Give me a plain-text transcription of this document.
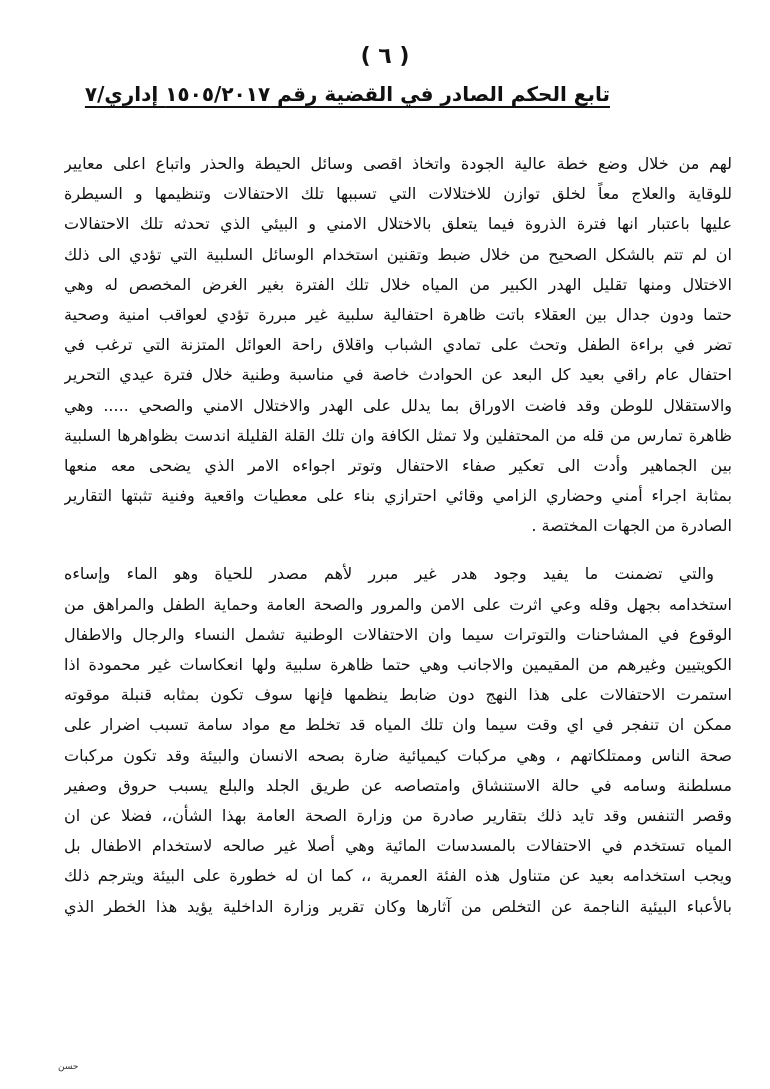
( ٦ )
تابع الحكم الصادر في القضية رقم ١٥٠٥/٢٠١٧ إداري/٧
لهم من خلال وضع خطة عالية الجودة واتخاذ اقصى وسائل الحيطة والحذر واتباع اعلى معايير
للوقاية والعلاج معاً لخلق توازن للاختلالات التي تسببها تلك الاحتفالات وتنظيمها و السيطرة
عليها باعتبار انها فترة الذروة فيما يتعلق بالاختلال الامني و البيئي الذي تحدثه تلك الاحتفالات
ان لم تتم بالشكل الصحيح من خلال ضبط وتقنين استخدام الوسائل السلبية التي تؤدي الى ذلك
الاختلال ومنها تقليل الهدر الكبير من المياه خلال تلك الفترة بغير الغرض المخصص له وهي
حتما ودون جدال بين العقلاء باتت ظاهرة احتفالية سلبية غير مبررة تؤدي لعواقب امنية وصحية
تضر في براءة الطفل وتحث على تمادي الشباب واقلاق راحة العوائل المتزنة التي ترغب في
احتفال عام راقي بعيد كل البعد عن الحوادث خاصة في مناسبة وطنية خلال فترة عيدي التحرير
والاستقلال للوطن وقد فاضت الاوراق بما يدلل على الهدر والاختلال الامني والصحي ..... وهي
ظاهرة تمارس من قله من المحتفلين ولا تمثل الكافة وان تلك القلة القليلة اندست بظواهرها السلبية
بين الجماهير وأدت الى تعكير صفاء الاحتفال وتوتر اجواءه الامر الذي يضحى معه منعها
بمثابة اجراء أمني وحضاري الزامي وقائي احترازي بناء على معطيات واقعية وفنية تثبتها التقارير
الصادرة من الجهات المختصة .
والتي تضمنت ما يفيد وجود هدر غير مبرر لأهم مصدر للحياة وهو الماء وإساءه
استخدامه بجهل وقله وعي اثرت على الامن والمرور والصحة العامة وحماية الطفل والمراهق من
الوقوع في المشاحنات والتوترات سيما وان الاحتفالات الوطنية تشمل النساء والرجال والاطفال
الكويتيين وغيرهم من المقيمين والاجانب وهي حتما ظاهرة سلبية ولها انعكاسات غير محمودة اذا
استمرت الاحتفالات على هذا النهج دون ضابط ينظمها فإنها سوف تكون بمثابه قنبلة موقوته
ممكن ان تنفجر في اي وقت سيما وان تلك المياه قد تخلط مع مواد سامة تسبب اضرار على
صحة الناس وممتلكاتهم ، وهي مركبات كيميائية ضارة بصحه الانسان والبيئة وقد تكون مركبات
مسلطنة وسامه في حالة الاستنشاق وامتصاصه عن طريق الجلد والبلع يسبب حروق وصفير
وقصر التنفس وقد تايد ذلك بتقارير صادرة من وزارة الصحة العامة بهذا الشأن،، فضلا عن ان
المياه تستخدم في الاحتفالات بالمسدسات المائية وهي أصلا غير صالحه لاستخدام الاطفال بل
ويجب استخدامه بعيد عن متناول هذه الفئة العمرية ،، كما ان له خطورة على البيئة ويترجم ذلك
بالأعباء البيئية الناجمة عن التخلص من آثارها وكان تقرير وزارة الداخلية يؤيد هذا الخطر الذي
حسن
